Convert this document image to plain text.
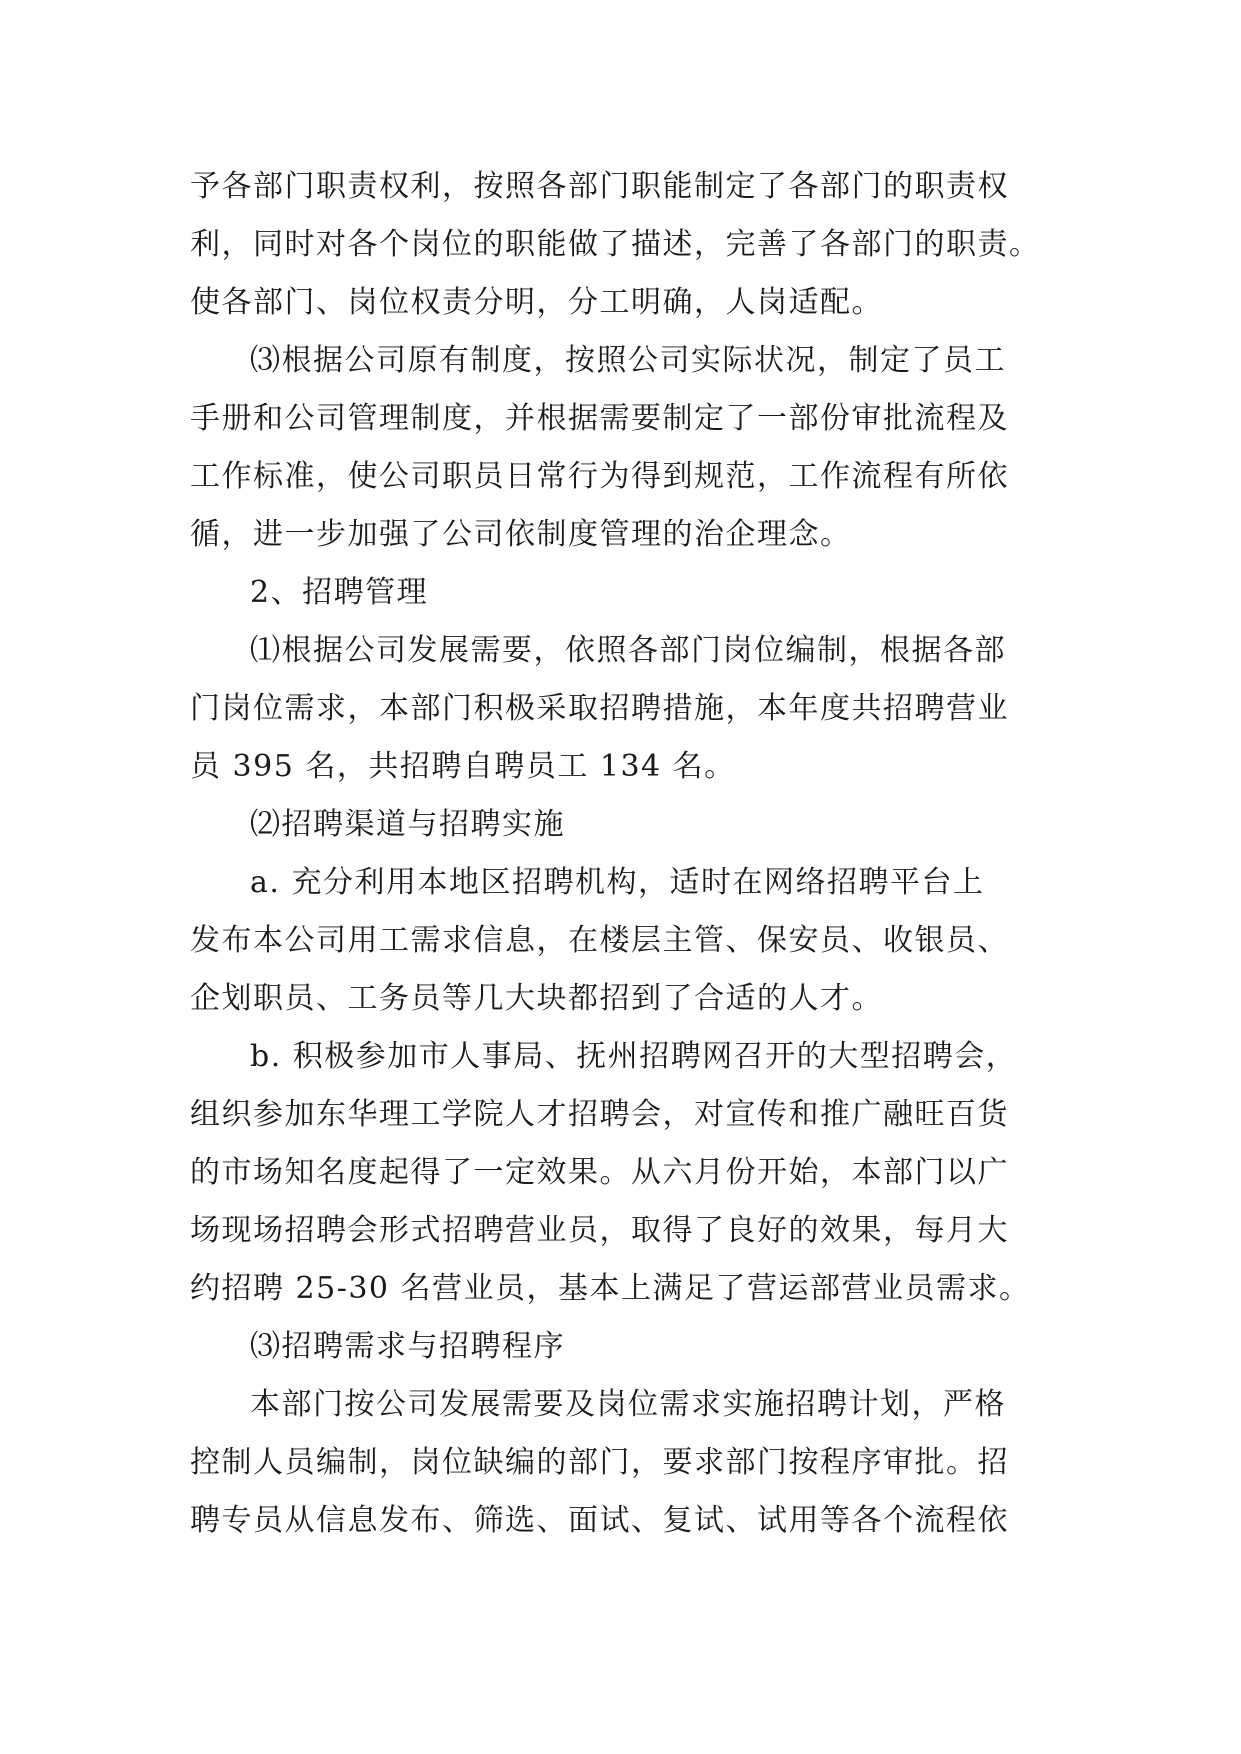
予各部门职责权利，按照各部门职能制定了各部门的职责权
利，同时对各个岗位的职能做了描述，完善了各部门的职责。
使各部门、岗位权责分明，分工明确，人岗适配。
⑶根据公司原有制度，按照公司实际状况，制定了员工
手册和公司管理制度，并根据需要制定了一部份审批流程及
工作标准，使公司职员日常行为得到规范，工作流程有所依
循，进一步加强了公司依制度管理的治企理念。
2、招聘管理
⑴根据公司发展需要，依照各部门岗位编制，根据各部
门岗位需求，本部门积极采取招聘措施，本年度共招聘营业
员 395 名，共招聘自聘员工 134 名。
⑵招聘渠道与招聘实施
a. 充分利用本地区招聘机构，适时在网络招聘平台上
发布本公司用工需求信息，在楼层主管、保安员、收银员、
企划职员、工务员等几大块都招到了合适的人才。
b. 积极参加市人事局、抚州招聘网召开的大型招聘会，
组织参加东华理工学院人才招聘会，对宣传和推广融旺百货
的市场知名度起得了一定效果。从六月份开始，本部门以广
场现场招聘会形式招聘营业员，取得了良好的效果，每月大
约招聘 25-30 名营业员，基本上满足了营运部营业员需求。
⑶招聘需求与招聘程序
本部门按公司发展需要及岗位需求实施招聘计划，严格
控制人员编制，岗位缺编的部门，要求部门按程序审批。招
聘专员从信息发布、筛选、面试、复试、试用等各个流程依
